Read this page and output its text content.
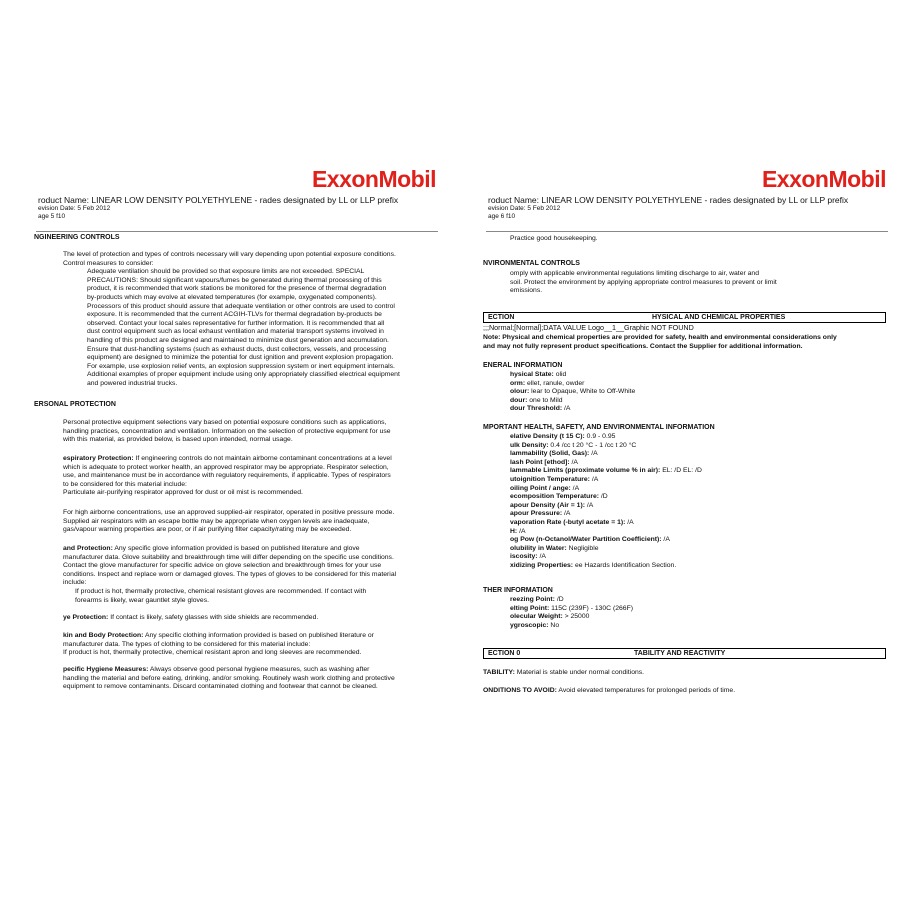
ExxonMobil
roduct Name: LINEAR LOW DENSITY POLYETHYLENE - rades designated by LL or LLP prefix
evision Date: 5 Feb 2012
age 5 f10
NGINEERING CONTROLS
The level of protection and types of controls necessary will vary depending upon potential exposure conditions.
Control measures to consider:
Adequate ventilation should be provided so that exposure limits are not exceeded. SPECIAL
PRECAUTIONS: Should significant vapours/fumes be generated during thermal processing of this
product, it is recommended that work stations be monitored for the presence of thermal degradation
by-products which may evolve at elevated temperatures (for example, oxygenated components).
Processors of this product should assure that adequate ventilation or other controls are used to control
exposure. It is recommended that the current ACGIH-TLVs for thermal degradation by-products be
observed. Contact your local sales representative for further information. It is recommended that all
dust control equipment such as local exhaust ventilation and material transport systems involved in
handling of this product are designed and maintained to minimize dust generation and accumulation.
Ensure that dust-handling systems (such as exhaust ducts, dust collectors, vessels, and processing
equipment) are designed to minimize the potential for dust ignition and prevent explosion propagation.
For example, use explosion relief vents, an explosion suppression system or inert equipment internals.
Additional examples of proper equipment include using only appropriately classified electrical equipment
and powered industrial trucks.
ERSONAL PROTECTION
Personal protective equipment selections vary based on potential exposure conditions such as applications,
handling practices, concentration and ventilation. Information on the selection of protective equipment for use
with this material, as provided below, is based upon intended, normal usage.
espiratory Protection: If engineering controls do not maintain airborne contaminant concentrations at a level
which is adequate to protect worker health, an approved respirator may be appropriate. Respirator selection,
use, and maintenance must be in accordance with regulatory requirements, if applicable. Types of respirators
to be considered for this material include:
Particulate air-purifying respirator approved for dust or oil mist is recommended.
For high airborne concentrations, use an approved supplied-air respirator, operated in positive pressure mode.
Supplied air respirators with an escape bottle may be appropriate when oxygen levels are inadequate,
gas/vapour warning properties are poor, or if air purifying filter capacity/rating may be exceeded.
and Protection: Any specific glove information provided is based on published literature and glove
manufacturer data. Glove suitability and breakthrough time will differ depending on the specific use conditions.
Contact the glove manufacturer for specific advice on glove selection and breakthrough times for your use
conditions. Inspect and replace worn or damaged gloves. The types of gloves to be considered for this material
include:
If product is hot, thermally protective, chemical resistant gloves are recommended. If contact with
forearms is likely, wear gauntlet style gloves.
ye Protection: If contact is likely, safety glasses with side shields are recommended.
kin and Body Protection: Any specific clothing information provided is based on published literature or
manufacturer data. The types of clothing to be considered for this material include:
If product is hot, thermally protective, chemical resistant apron and long sleeves are recommended.
pecific Hygiene Measures: Always observe good personal hygiene measures, such as washing after
handling the material and before eating, drinking, and/or smoking. Routinely wash work clothing and protective
equipment to remove contaminants. Discard contaminated clothing and footwear that cannot be cleaned.
ExxonMobil
roduct Name: LINEAR LOW DENSITY POLYETHYLENE - rades designated by LL or LLP prefix
evision Date: 5 Feb 2012
age 6 f10
Practice good housekeeping.
NVIRONMENTAL CONTROLS
omply with applicable environmental regulations limiting discharge to air, water and
soil. Protect the environment by applying appropriate control measures to prevent or limit
emissions.
ECTION	HYSICAL AND CHEMICAL PROPERTIES
;;;Normal;[Normal];DATA VALUE Logo__1__Graphic NOT FOUND
Note: Physical and chemical properties are provided for safety, health and environmental considerations only
and may not fully represent product specifications. Contact the Supplier for additional information.
ENERAL INFORMATION
hysical State: olid
orm: ellet, ranule, owder
olour: lear to Opaque, White to Off-White
dour: one to Mild
dour Threshold: /A
MPORTANT HEALTH, SAFETY, AND ENVIRONMENTAL INFORMATION
elative Density (t 15 C): 0.9 - 0.95
ulk Density: 0.4 /cc t 20 °C - 1 /cc t 20 °C
lammability (Solid, Gas): /A
lash Point [ethod]: /A
lammable Limits (pproximate volume % in air): EL: /D EL: /D
utoignition Temperature: /A
oiling Point / ange: /A
ecomposition Temperature: /D
apour Density (Air = 1): /A
apour Pressure: /A
vaporation Rate (-butyl acetate = 1): /A
H: /A
og Pow (n-Octanol/Water Partition Coefficient): /A
olubility in Water: Negligible
iscosity: /A
xidizing Properties: ee Hazards Identification Section.
THER INFORMATION
reezing Point: /D
elting Point: 115C (239F) - 130C (266F)
olecular Weight: > 25000
ygroscopic: No
ECTION 0	TABILITY AND REACTIVITY
TABILITY: Material is stable under normal conditions.
ONDITIONS TO AVOID: Avoid elevated temperatures for prolonged periods of time.
